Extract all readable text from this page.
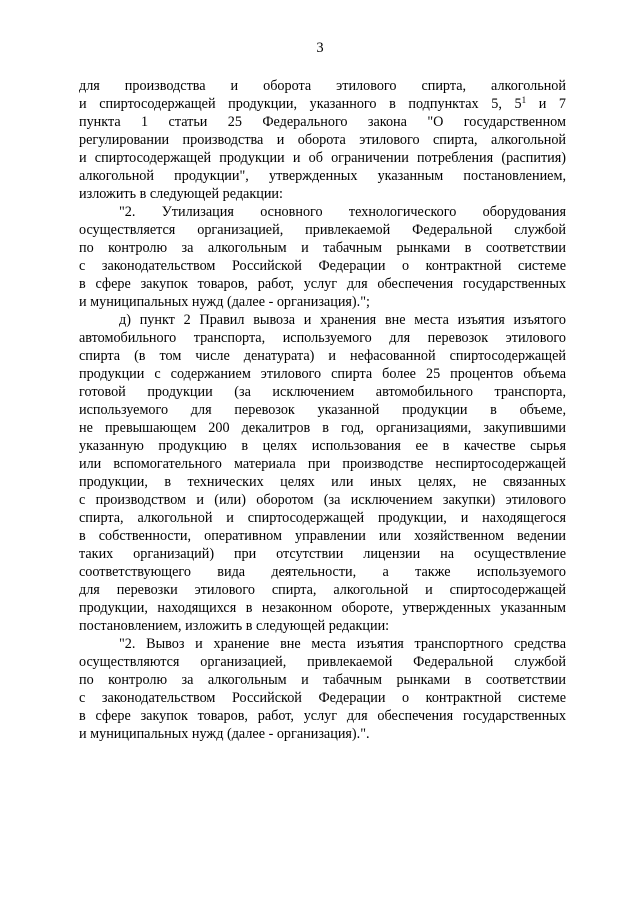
3
для производства и оборота этилового спирта, алкогольной
и спиртосодержащей продукции, указанного в подпунктах 5, $5^1$ и 7
пункта 1 статьи 25 Федерального закона "О государственном
регулировании производства и оборота этилового спирта, алкогольной
и спиртосодержащей продукции и об ограничении потребления (распития)
алкогольной продукции", утвержденных указанным постановлением,
изложить в следующей редакции:
"2. Утилизация основного технологического оборудования
осуществляется организацией, привлекаемой Федеральной службой
по контролю за алкогольным и табачным рынками в соответствии
с законодательством Российской Федерации о контрактной системе
в сфере закупок товаров, работ, услуг для обеспечения государственных
и муниципальных нужд (далее - организация).";
д) пункт 2 Правил вывоза и хранения вне места изъятия изъятого
автомобильного транспорта, используемого для перевозок этилового
спирта (в том числе денатурата) и нефасованной спиртосодержащей
продукции с содержанием этилового спирта более 25 процентов объема
готовой продукции (за исключением автомобильного транспорта,
используемого для перевозок указанной продукции в объеме,
не превышающем 200 декалитров в год, организациями, закупившими
указанную продукцию в целях использования ее в качестве сырья
или вспомогательного материала при производстве неспиртосодержащей
продукции, в технических целях или иных целях, не связанных
с производством и (или) оборотом (за исключением закупки) этилового
спирта, алкогольной и спиртосодержащей продукции, и находящегося
в собственности, оперативном управлении или хозяйственном ведении
таких организаций) при отсутствии лицензии на осуществление
соответствующего вида деятельности, а также используемого
для перевозки этилового спирта, алкогольной и спиртосодержащей
продукции, находящихся в незаконном обороте, утвержденных указанным
постановлением, изложить в следующей редакции:
"2. Вывоз и хранение вне места изъятия транспортного средства
осуществляются организацией, привлекаемой Федеральной службой
по контролю за алкогольным и табачным рынками в соответствии
с законодательством Российской Федерации о контрактной системе
в сфере закупок товаров, работ, услуг для обеспечения государственных
и муниципальных нужд (далее - организация).".
